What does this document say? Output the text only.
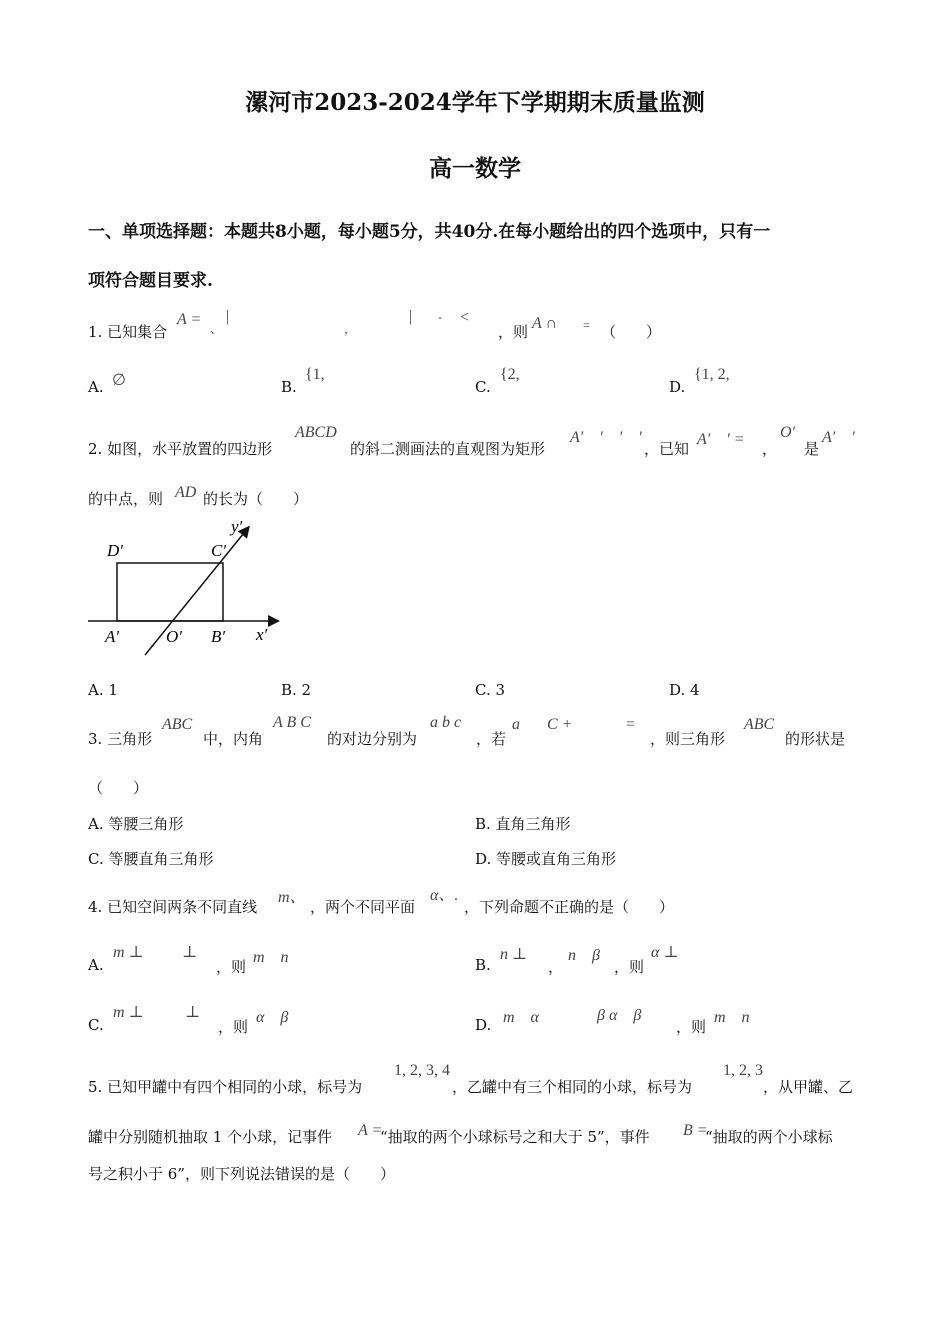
漯河市2023-2024学年下学期期末质量监测
高一数学
一、单项选择题：本题共8小题，每小题5分，共40分.在每小题给出的四个选项中，只有一
项符合题目要求.
1. 已知集合
A =
、
|
，
| - <
，则 A ∩ = （　　）
A. ∅	B.
{1,
C.
{2,
D.
{1, 2,
2. 如图，水平放置的四边形
ABCD
的斜二测画法的直观图为矩形
A′　′　′　′
，已知
A′　′ =
，
O′
是
A′　′
的中点，则 AD 的长为（　　）
y′
D′	C′
A′	O′ B′ x′
A. 1	B. 2	C. 3	D. 4
3. 三角形
ABC
中，内角
A B C
的对边分别为
a b c
，若
a C +	=
，则三角形
ABC
的形状是
（　　）
A. 等腰三角形	B. 直角三角形
C. 等腰直角三角形	D. 等腰或直角三角形
4. 已知空间两条不同直线
m、
，两个不同平面
α、.
，下列命题不正确的是（　　）
A.
m ⊥ ⊥
，则
m　n	B.
n ⊥
，
n　β
，则
α ⊥
C.
m ⊥	⊥
，则
α　β	D. m　α	β α　β
，则
m　n
5. 已知甲罐中有四个相同的小球，标号为
1, 2, 3, 4
，乙罐中有三个相同的小球，标号为
1, 2, 3
，从甲罐、乙
罐中分别随机抽取 1 个小球，记事件 A =
“抽取的两个小球标号之和大于 5”，事件 B =
“抽取的两个小球标
号之积小于 6”，则下列说法错误的是（　　）
